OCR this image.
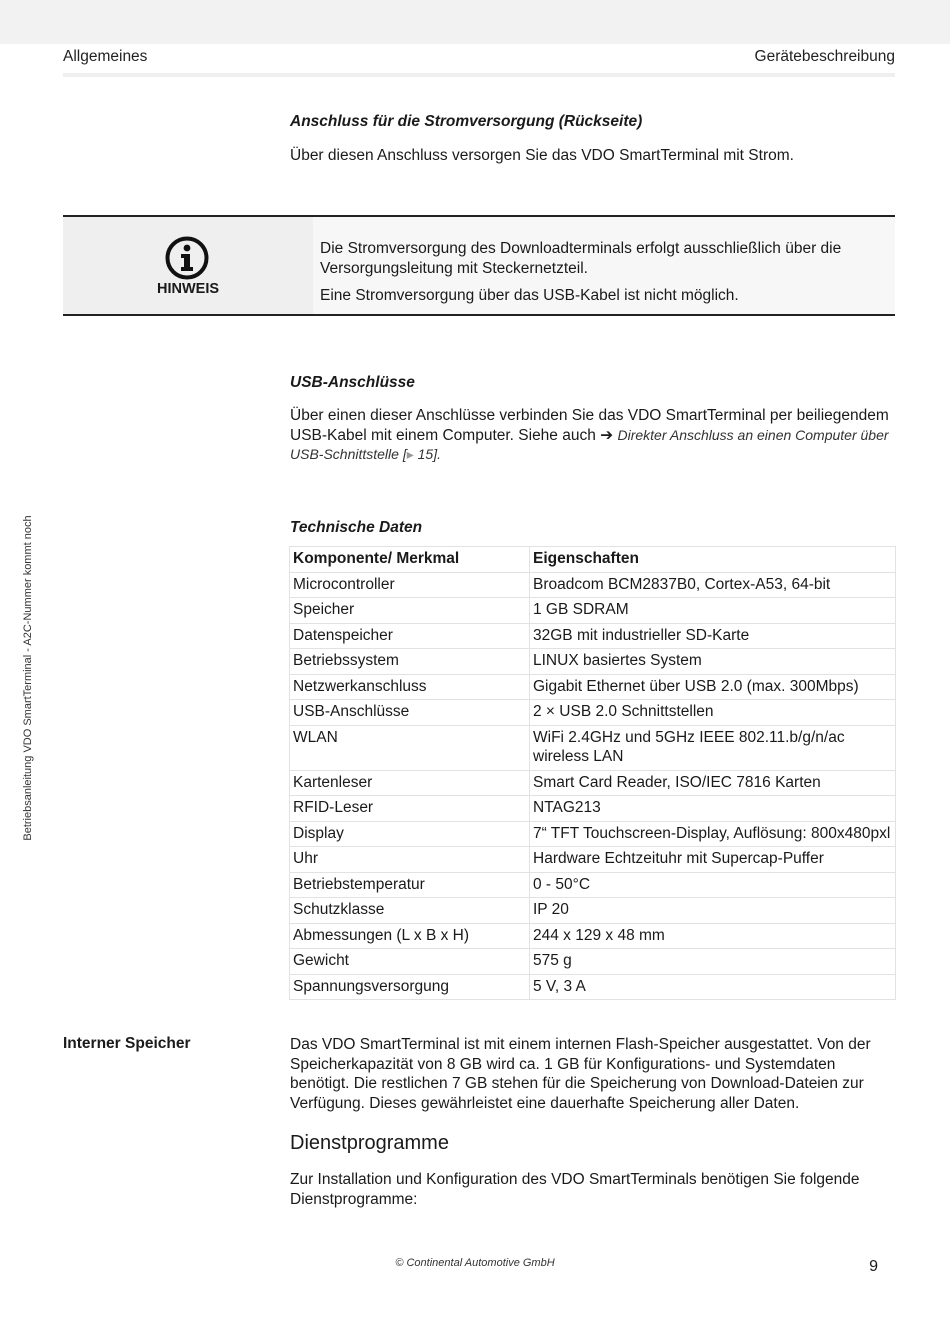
Allgemeines	Gerätebeschreibung
Betriebsanleitung VDO SmartTerminal - A2C-Nummer kommt noch
Anschluss für die Stromversorgung (Rückseite)
Über diesen Anschluss versorgen Sie das VDO SmartTerminal mit Strom.
HINWEIS

Die Stromversorgung des Downloadterminals erfolgt ausschließlich über die Versorgungsleitung mit Steckernetzteil.

Eine Stromversorgung über das USB-Kabel ist nicht möglich.

USB-Anschlüsse
Über einen dieser Anschlüsse verbinden Sie das VDO SmartTerminal per beiliegendem USB-Kabel mit einem Computer. Siehe auch ➔ Direkter Anschluss an einen Computer über USB-Schnittstelle [▸ 15].
Technische Daten
Komponente/ Merkmal	Eigenschaften
Microcontroller	Broadcom BCM2837B0, Cortex-A53, 64-bit
Speicher	1 GB SDRAM
Datenspeicher	32GB mit industrieller SD-Karte
Betriebssystem	LINUX basiertes System
Netzwerkanschluss	Gigabit Ethernet über USB 2.0 (max. 300Mbps)
USB-Anschlüsse	2 × USB 2.0 Schnittstellen
WLAN	WiFi 2.4GHz und 5GHz IEEE 802.11.b/g/n/ac wireless LAN
Kartenleser	Smart Card Reader, ISO/IEC 7816 Karten
RFID-Leser	NTAG213
Display	7“ TFT Touchscreen-Display, Auflösung: 800x480pxl
Uhr	Hardware Echtzeituhr mit Supercap-Puffer
Betriebstemperatur	0 - 50°C
Schutzklasse	IP 20
Abmessungen (L x B x H)	244 x 129 x 48 mm
Gewicht	575 g
Spannungsversorgung	5 V, 3 A
Interner Speicher	Das VDO SmartTerminal ist mit einem internen Flash-Speicher ausgestattet. Von der Speicherkapazität von 8 GB wird ca. 1 GB für Konfigurations- und Systemdaten benötigt. Die restlichen 7 GB stehen für die Speicherung von Download-Dateien zur Verfügung. Dieses gewährleistet eine dauerhafte Speicherung aller Daten.
Dienstprogramme
Zur Installation und Konfiguration des VDO SmartTerminals benötigen Sie folgende Dienstprogramme:
© Continental Automotive GmbH	9
